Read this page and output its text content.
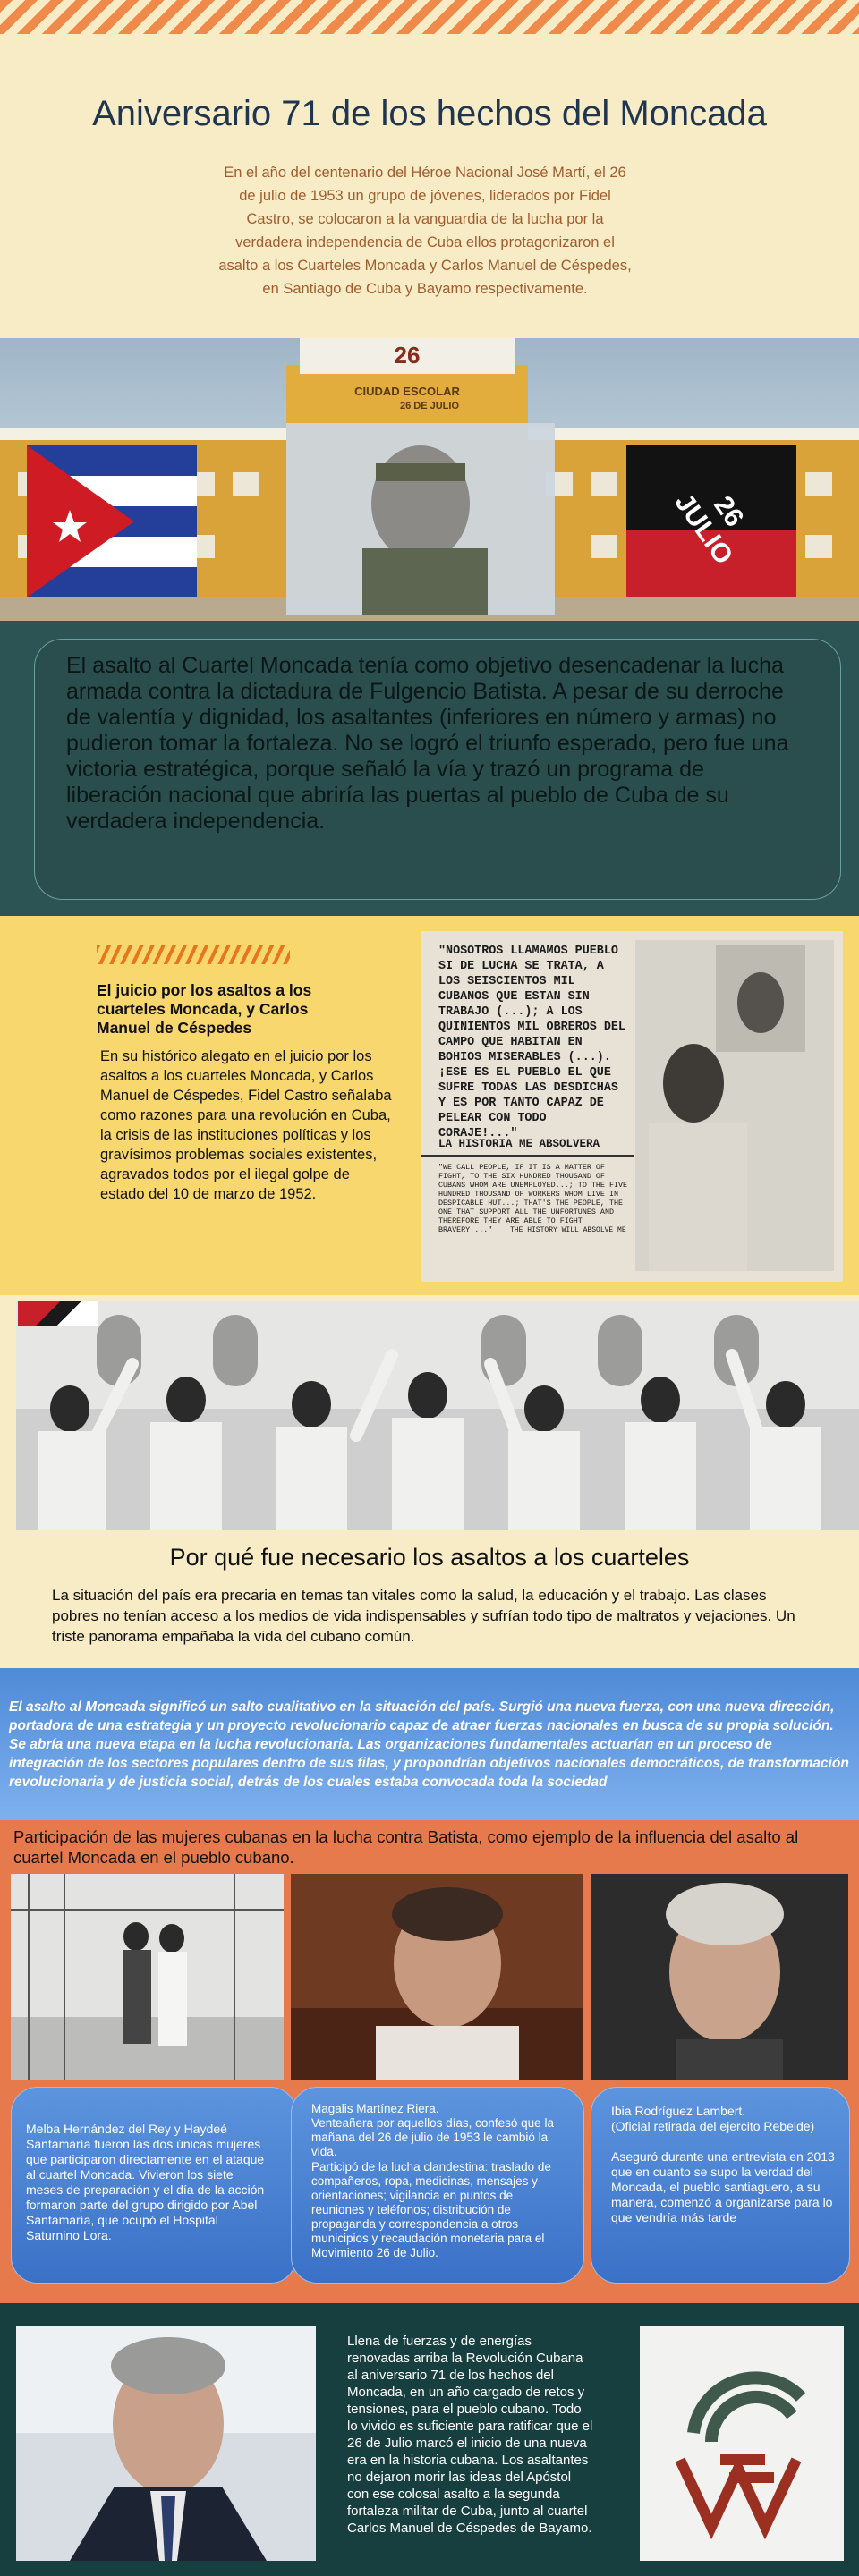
Aniversario 71 de los hechos del Moncada
En el año del centenario del Héroe Nacional José Martí, el 26 de julio de 1953 un grupo de jóvenes, liderados por Fidel Castro, se colocaron a la vanguardia de la lucha por la verdadera independencia de Cuba ellos protagonizaron el asalto a los Cuarteles Moncada y Carlos Manuel de Céspedes, en Santiago de Cuba y Bayamo respectivamente.
26
CIUDAD ESCOLAR
26 DE JULIO
26 JULIO
El asalto al Cuartel Moncada tenía como objetivo desencadenar la lucha armada contra la dictadura de Fulgencio Batista. A pesar de su derroche de valentía y dignidad, los asaltantes (inferiores en número y armas) no pudieron tomar la fortaleza. No se logró el triunfo esperado, pero fue una victoria estratégica, porque señaló la vía y trazó un programa de liberación nacional que abriría las puertas al pueblo de Cuba de su verdadera independencia.
El juicio por los asaltos a los cuarteles Moncada, y Carlos Manuel de Céspedes
En su histórico alegato en el juicio por los asaltos a los cuarteles Moncada, y Carlos Manuel de Céspedes, Fidel Castro señalaba como razones para una revolución en Cuba, la crisis de las instituciones políticas y los gravísimos problemas sociales existentes, agravados todos por el ilegal golpe de estado del 10 de marzo de 1952.
"NOSOTROS LLAMAMOS PUEBLO SI DE LUCHA SE TRATA, A LOS SEISCIENTOS MIL CUBANOS QUE ESTAN SIN TRABAJO (...); A LOS QUINIENTOS MIL OBREROS DEL CAMPO QUE HABITAN EN BOHIOS MISERABLES (...). ¡ESE ES EL PUEBLO EL QUE SUFRE TODAS LAS DESDICHAS Y ES POR TANTO CAPAZ DE PELEAR CON TODO CORAJE!..."
LA HISTORIA ME ABSOLVERA
"WE CALL PEOPLE, IF IT IS A MATTER OF FIGHT, TO THE SIX HUNDRED THOUSAND OF CUBANS WHOM ARE UNEMPLOYED...; TO THE FIVE HUNDRED THOUSAND OF WORKERS WHOM LIVE IN DESPICABLE HUT...; THAT'S THE PEOPLE, THE ONE THAT SUPPORT ALL THE UNFORTUNES AND THEREFORE THEY ARE ABLE TO FIGHT BRAVERY!..."	THE HISTORY WILL ABSOLVE ME
Por qué fue necesario los asaltos a los cuarteles
La situación del país era precaria en temas tan vitales como la salud, la educación y el trabajo. Las clases pobres no tenían acceso a los medios de vida indispensables y sufrían todo tipo de maltratos y vejaciones. Un triste panorama empañaba la vida del cubano común.
El asalto al Moncada significó un salto cualitativo en la situación del país. Surgió una nueva fuerza, con una nueva dirección, portadora de una estrategia y un proyecto revolucionario capaz de atraer fuerzas nacionales en busca de su propia solución. Se abría una nueva etapa en la lucha revolucionaria. Las organizaciones fundamentales actuarían en un proceso de integración de los sectores populares dentro de sus filas, y propondrían objetivos nacionales democráticos, de transformación revolucionaria y de justicia social, detrás de los cuales estaba convocada toda la sociedad
Participación de las mujeres cubanas en la lucha contra Batista, como ejemplo de la influencia del asalto al cuartel Moncada en el pueblo cubano.
Melba Hernández del Rey y Haydeé Santamaría fueron las dos únicas mujeres que participaron directamente en el ataque al cuartel Moncada. Vivieron los siete meses de preparación y el día de la acción formaron parte del grupo dirigido por Abel Santamaría, que ocupó el Hospital Saturnino Lora.
Magalis Martínez Riera.
Venteañera por aquellos días, confesó que la mañana del 26 de julio de 1953 le cambió la vida.
Participó de la lucha clandestina: traslado de compañeros, ropa, medicinas, mensajes y orientaciones; vigilancia en puntos de reuniones y teléfonos; distribución de propaganda y correspondencia a otros municipios y recaudación monetaria para el Movimiento 26 de Julio.
Ibia Rodríguez Lambert.
(Oficial retirada del ejercito Rebelde)
Aseguró durante una entrevista en 2013 que en cuanto se supo la verdad del Moncada, el pueblo santiaguero, a su manera, comenzó a organizarse para lo que vendría más tarde
Llena de fuerzas y de energías renovadas arriba la Revolución Cubana al aniversario 71 de los hechos del Moncada, en un año cargado de retos y tensiones, para el pueblo cubano. Todo lo vivido es suficiente para ratificar que el 26 de Julio marcó el inicio de una nueva era en la historia cubana. Los asaltantes no dejaron morir las ideas del Apóstol con ese colosal asalto a la segunda fortaleza militar de Cuba, junto al cuartel Carlos Manuel de Céspedes de Bayamo.
